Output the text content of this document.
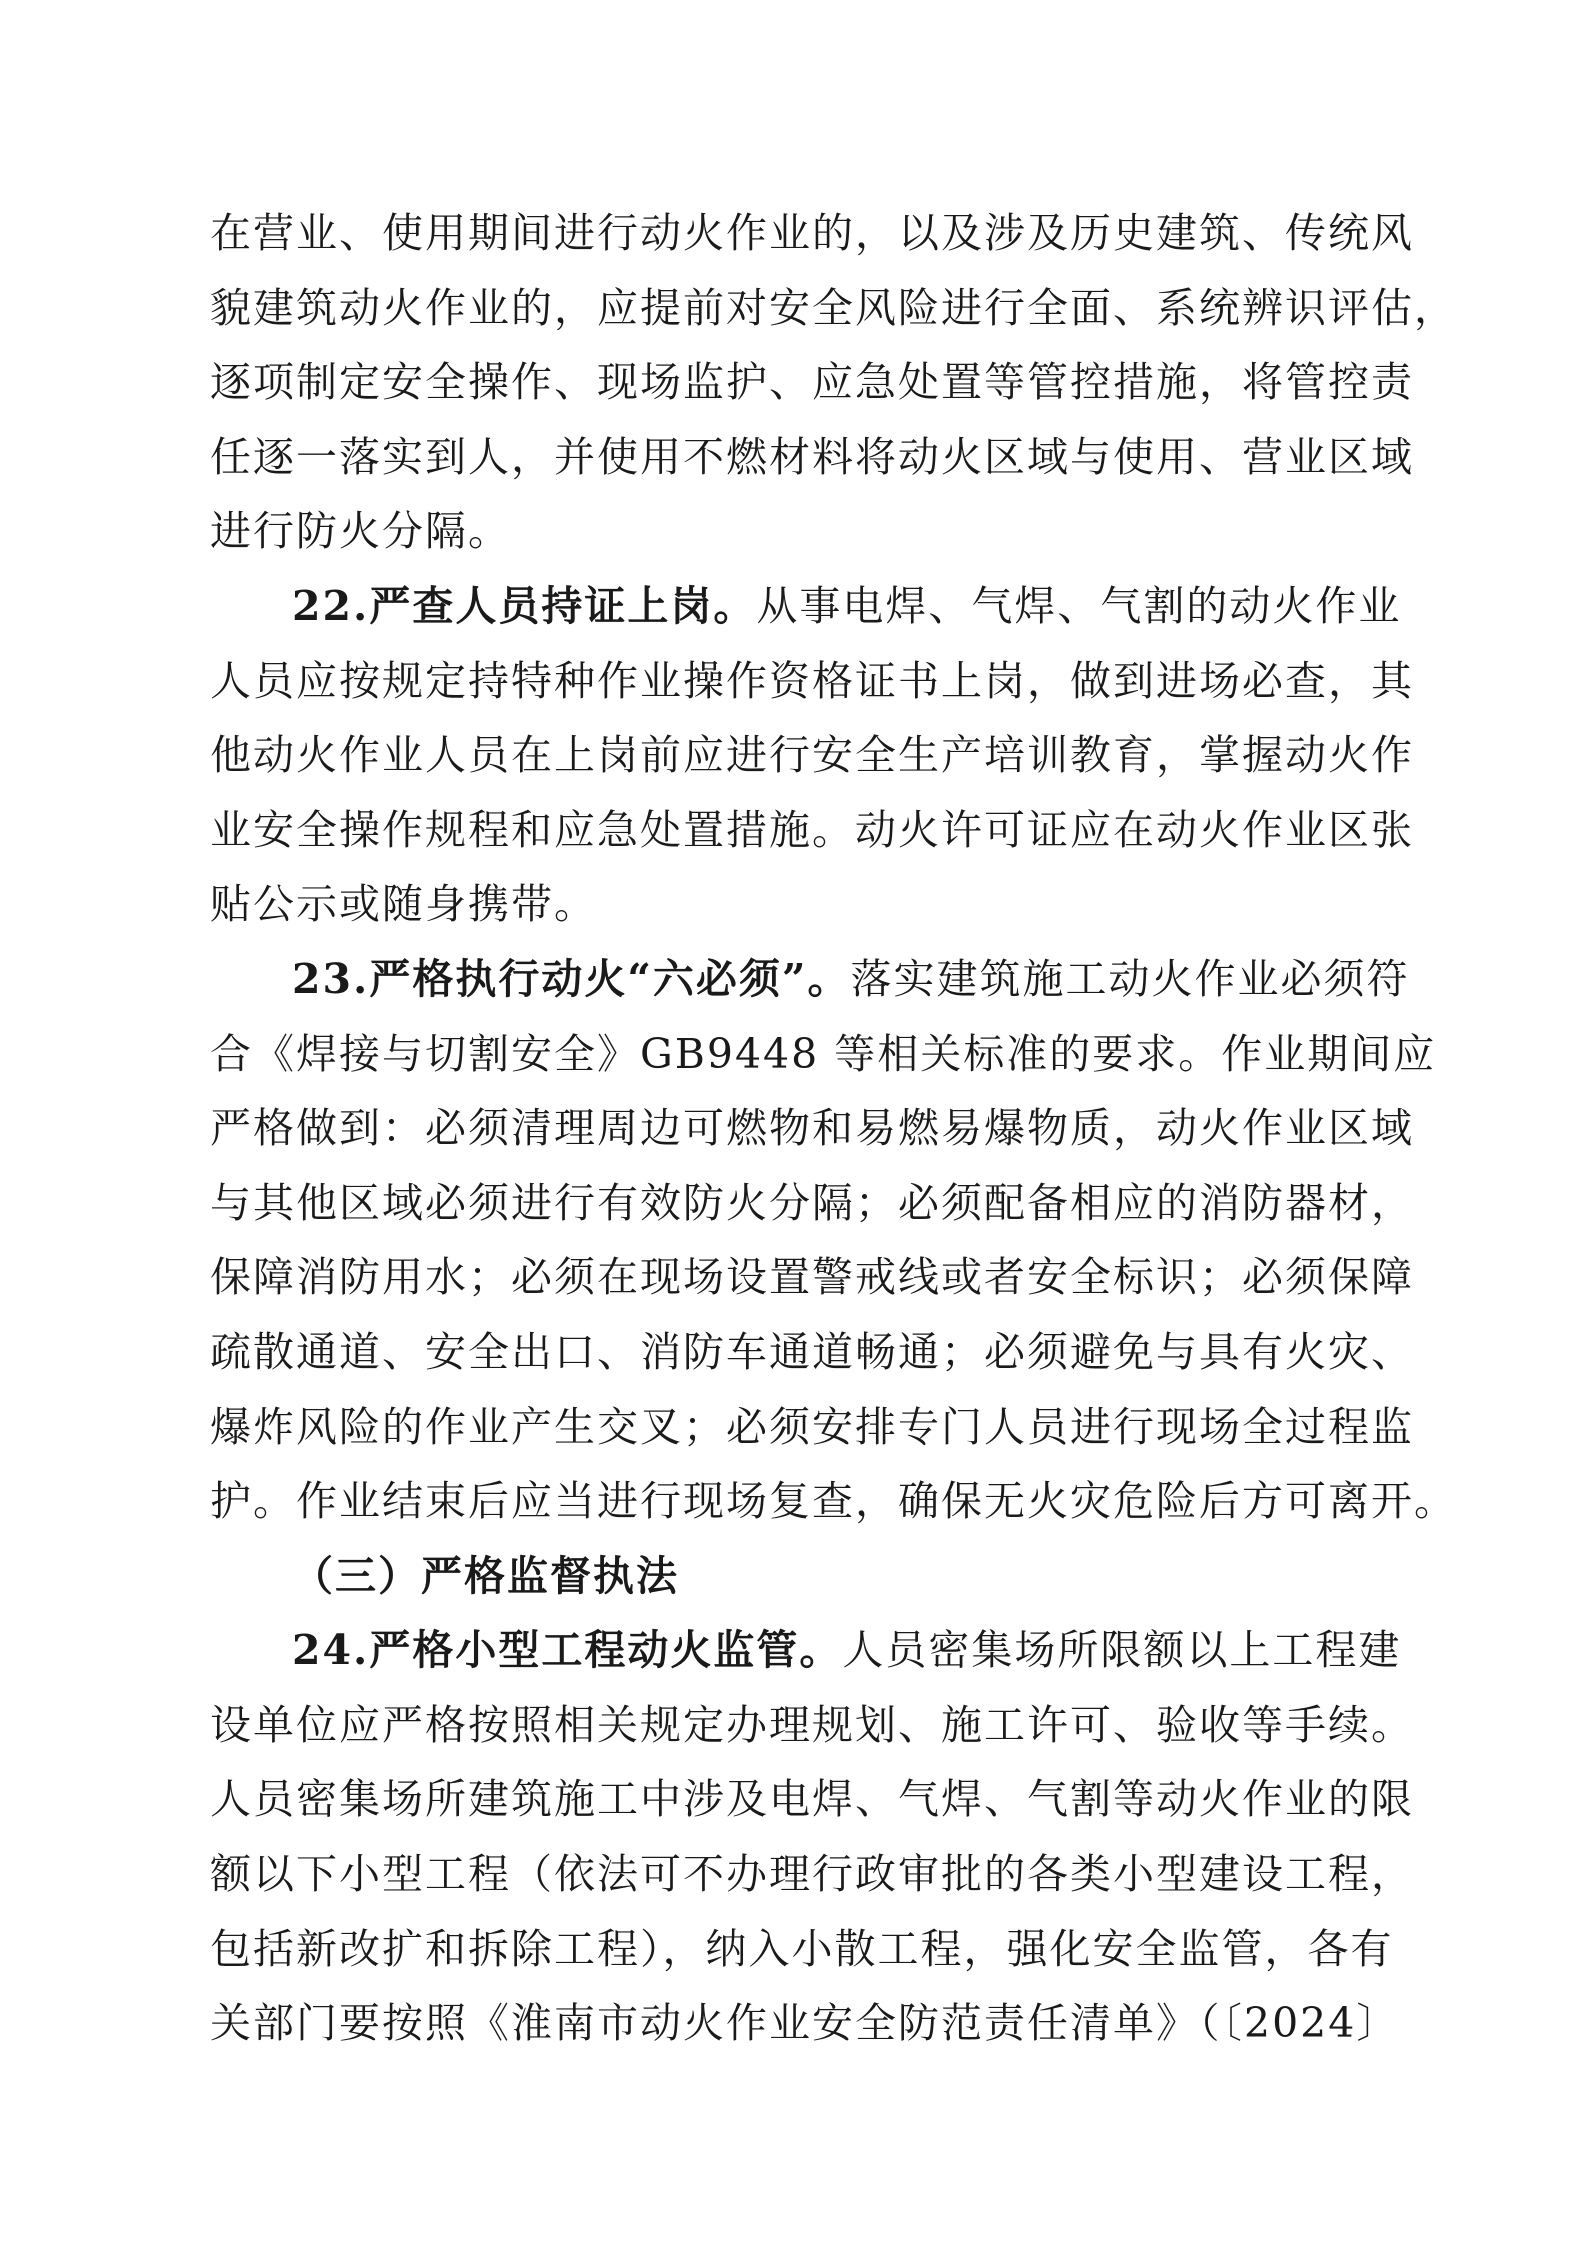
在营业、使用期间进行动火作业的，以及涉及历史建筑、传统风
貌建筑动火作业的，应提前对安全风险进行全面、系统辨识评估，
逐项制定安全操作、现场监护、应急处置等管控措施，将管控责
任逐一落实到人，并使用不燃材料将动火区域与使用、营业区域
进行防火分隔。
22.严查人员持证上岗。从事电焊、气焊、气割的动火作业
人员应按规定持特种作业操作资格证书上岗，做到进场必查，其
他动火作业人员在上岗前应进行安全生产培训教育，掌握动火作
业安全操作规程和应急处置措施。动火许可证应在动火作业区张
贴公示或随身携带。
23.严格执行动火“六必须”。落实建筑施工动火作业必须符
合《焊接与切割安全》GB9448 等相关标准的要求。作业期间应
严格做到：必须清理周边可燃物和易燃易爆物质，动火作业区域
与其他区域必须进行有效防火分隔；必须配备相应的消防器材，
保障消防用水；必须在现场设置警戒线或者安全标识；必须保障
疏散通道、安全出口、消防车通道畅通；必须避免与具有火灾、
爆炸风险的作业产生交叉；必须安排专门人员进行现场全过程监
护。作业结束后应当进行现场复查，确保无火灾危险后方可离开。
（三）严格监督执法
24.严格小型工程动火监管。人员密集场所限额以上工程建
设单位应严格按照相关规定办理规划、施工许可、验收等手续。
人员密集场所建筑施工中涉及电焊、气焊、气割等动火作业的限
额以下小型工程（依法可不办理行政审批的各类小型建设工程，
包括新改扩和拆除工程），纳入小散工程，强化安全监管，各有
关部门要按照《淮南市动火作业安全防范责任清单》（〔2024〕
